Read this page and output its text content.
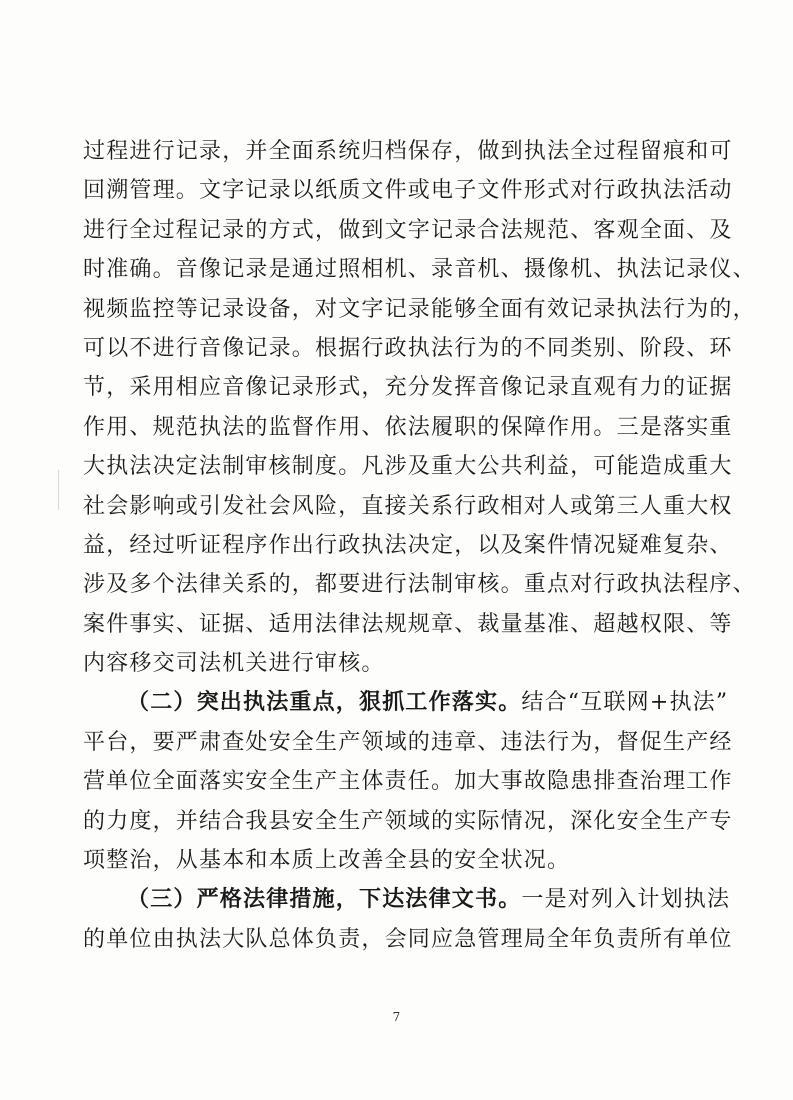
过程进行记录，并全面系统归档保存，做到执法全过程留痕和可
回溯管理。文字记录以纸质文件或电子文件形式对行政执法活动
进行全过程记录的方式，做到文字记录合法规范、客观全面、及
时准确。音像记录是通过照相机、录音机、摄像机、执法记录仪、
视频监控等记录设备，对文字记录能够全面有效记录执法行为的，
可以不进行音像记录。根据行政执法行为的不同类别、阶段、环
节，采用相应音像记录形式，充分发挥音像记录直观有力的证据
作用、规范执法的监督作用、依法履职的保障作用。三是落实重
大执法决定法制审核制度。凡涉及重大公共利益，可能造成重大
社会影响或引发社会风险，直接关系行政相对人或第三人重大权
益，经过听证程序作出行政执法决定，以及案件情况疑难复杂、
涉及多个法律关系的，都要进行法制审核。重点对行政执法程序、
案件事实、证据、适用法律法规规章、裁量基准、超越权限、等
内容移交司法机关进行审核。
（二）突出执法重点，狠抓工作落实。结合“互联网+执法”
平台，要严肃查处安全生产领域的违章、违法行为，督促生产经
营单位全面落实安全生产主体责任。加大事故隐患排查治理工作
的力度，并结合我县安全生产领域的实际情况，深化安全生产专
项整治，从基本和本质上改善全县的安全状况。
（三）严格法律措施，下达法律文书。一是对列入计划执法
的单位由执法大队总体负责，会同应急管理局全年负责所有单位
7
